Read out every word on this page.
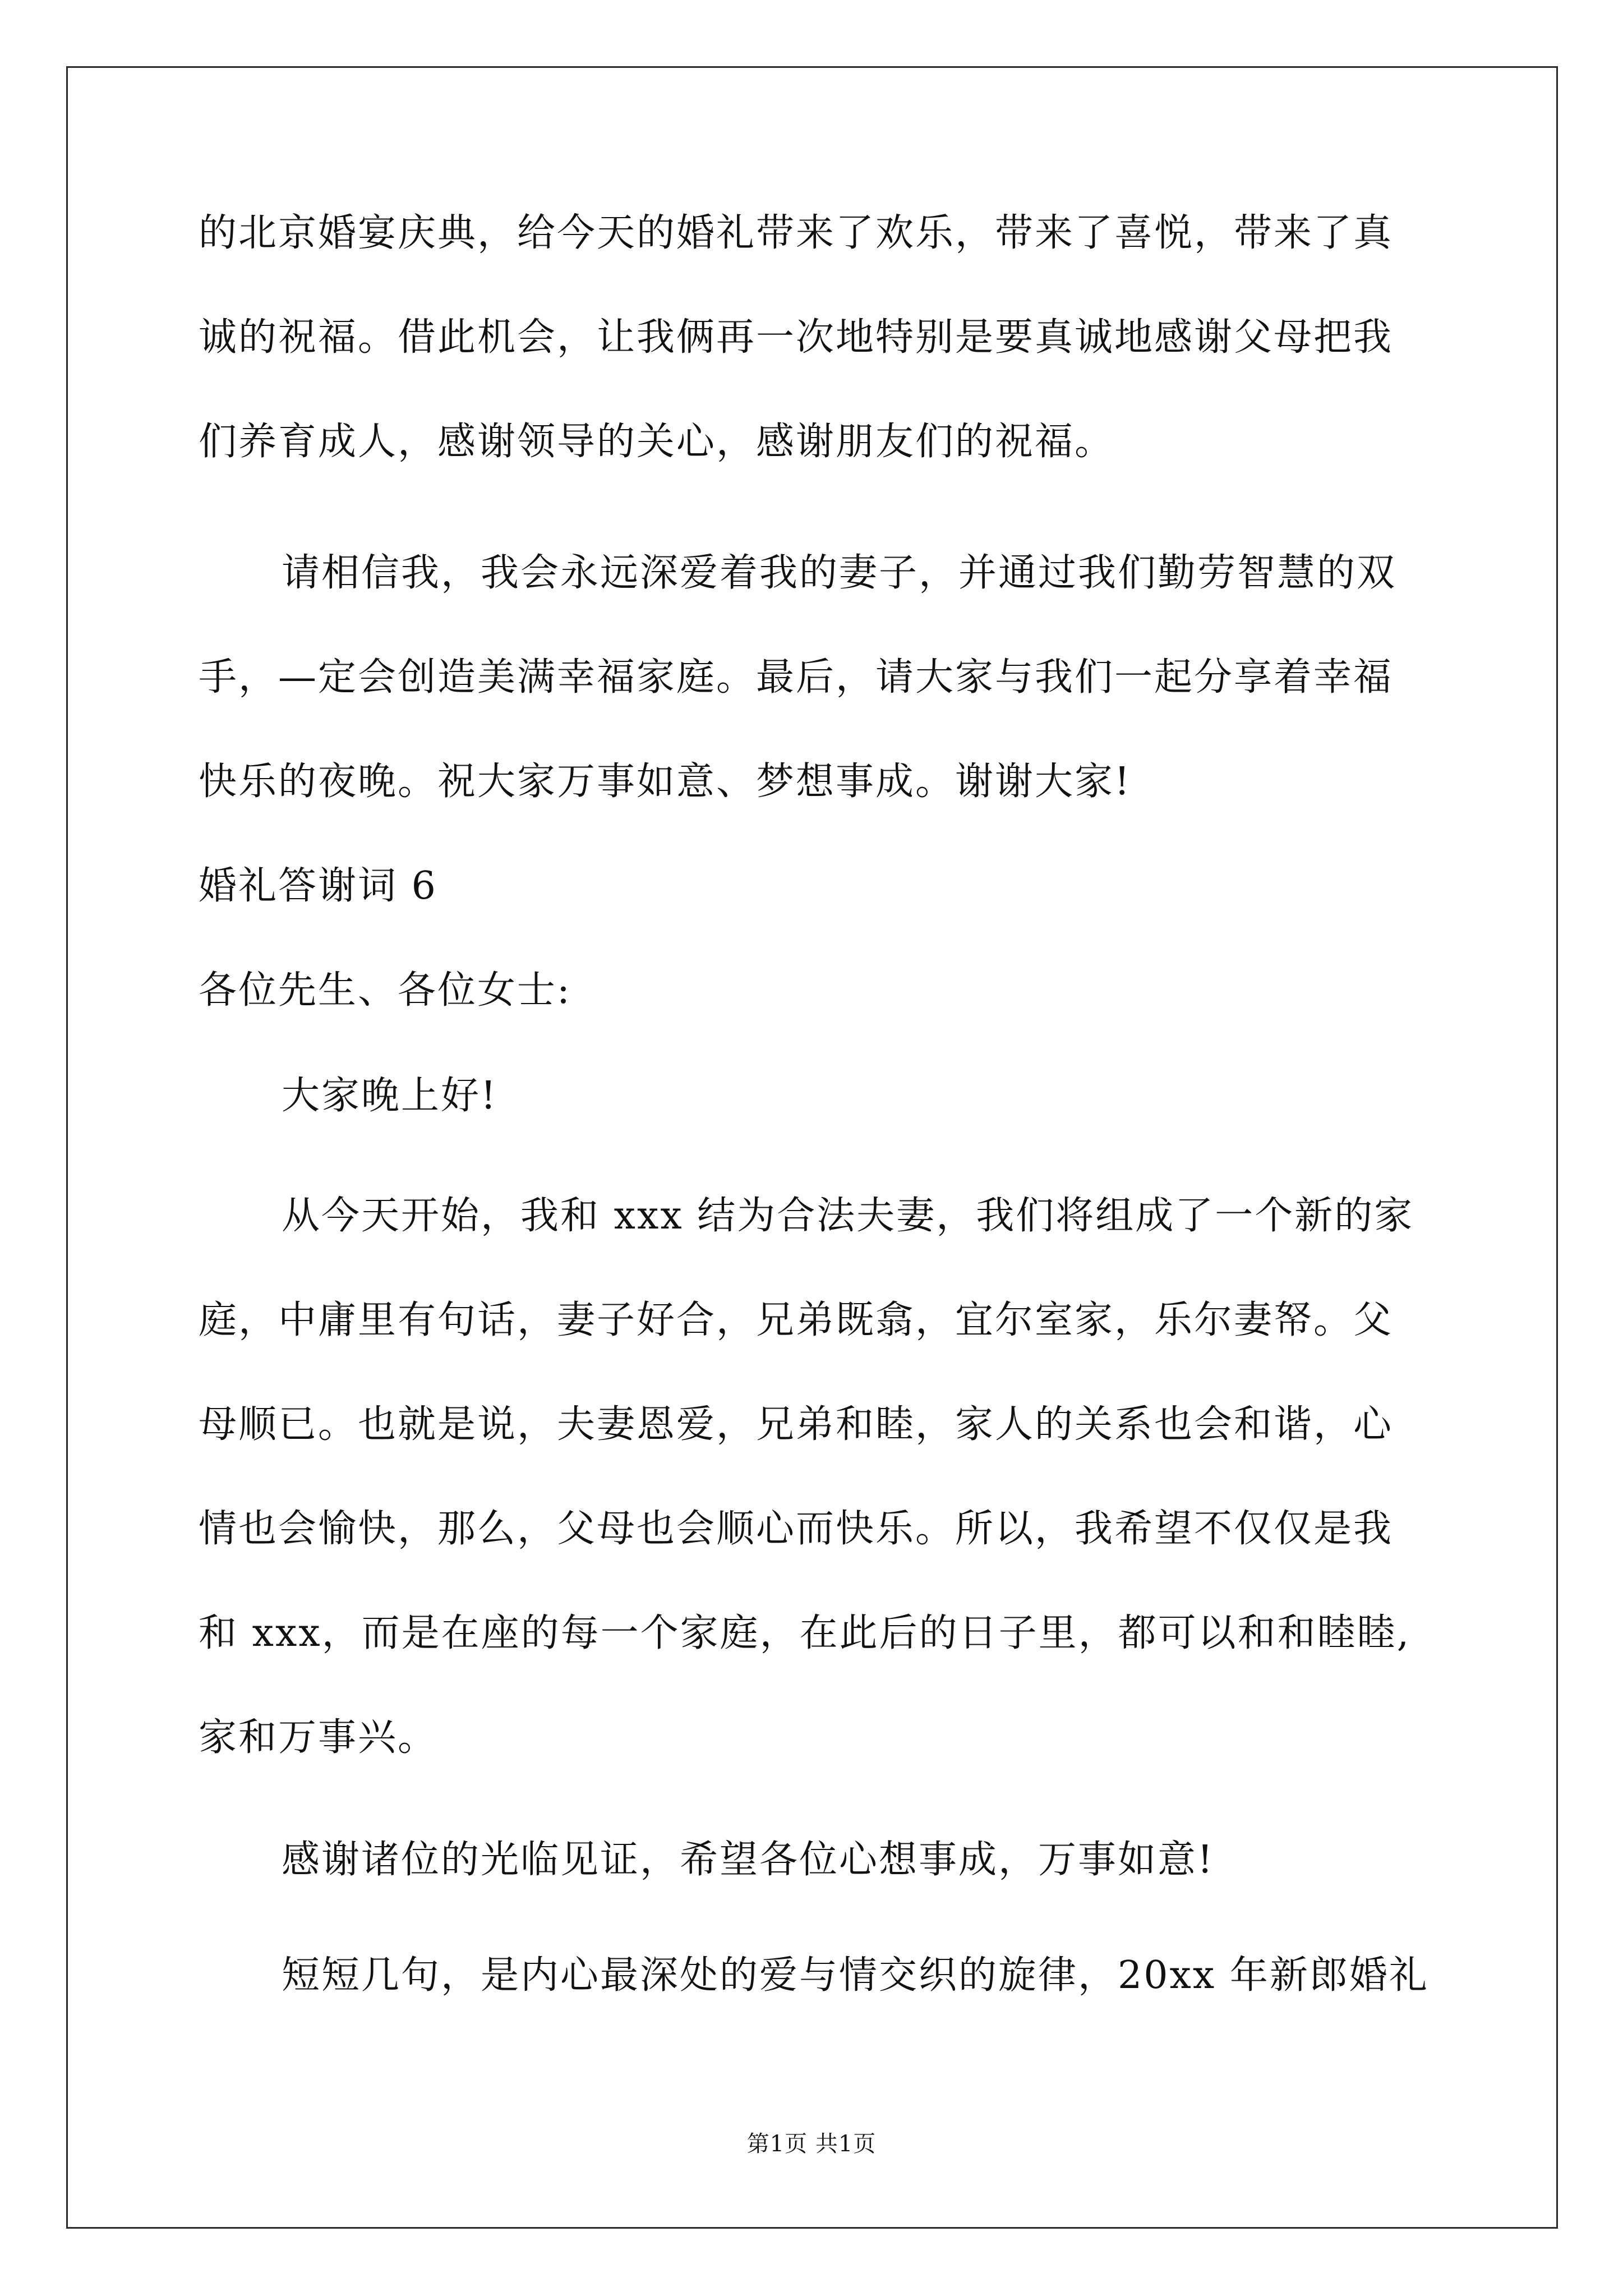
的北京婚宴庆典，给今天的婚礼带来了欢乐，带来了喜悦，带来了真
诚的祝福。借此机会，让我俩再一次地特别是要真诚地感谢父母把我
们养育成人，感谢领导的关心，感谢朋友们的祝福。
请相信我，我会永远深爱着我的妻子，并通过我们勤劳智慧的双
手，—定会创造美满幸福家庭。最后，请大家与我们一起分享着幸福
快乐的夜晚。祝大家万事如意、梦想事成。谢谢大家!
婚礼答谢词 6
各位先生、各位女士:
大家晚上好!
从今天开始，我和 xxx 结为合法夫妻，我们将组成了一个新的家
庭，中庸里有句话，妻子好合，兄弟既翕，宜尔室家，乐尔妻帑。父
母顺已。也就是说，夫妻恩爱，兄弟和睦，家人的关系也会和谐，心
情也会愉快，那么，父母也会顺心而快乐。所以，我希望不仅仅是我
和 xxx，而是在座的每一个家庭，在此后的日子里，都可以和和睦睦,
家和万事兴。
感谢诸位的光临见证，希望各位心想事成，万事如意!
短短几句，是内心最深处的爱与情交织的旋律，20xx 年新郎婚礼
第1页 共1页
